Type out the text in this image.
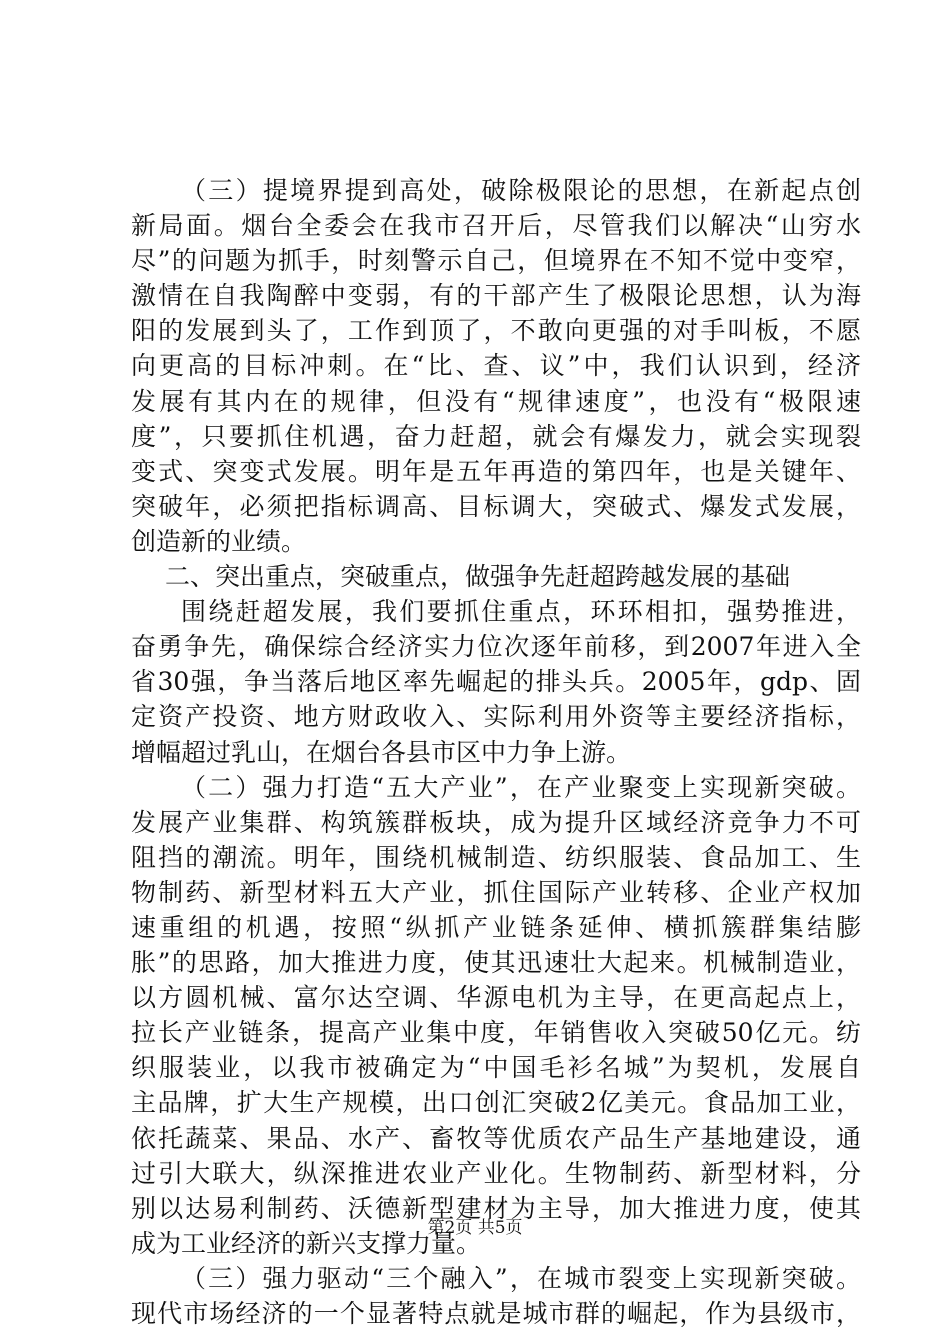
（三）提境界提到高处，破除极限论的思想，在新起点创
新局面。烟台全委会在我市召开后，尽管我们以解决“山穷水
尽”的问题为抓手，时刻警示自己，但境界在不知不觉中变窄，
激情在自我陶醉中变弱，有的干部产生了极限论思想，认为海
阳的发展到头了，工作到顶了，不敢向更强的对手叫板，不愿
向更高的目标冲刺。在“比、查、议”中，我们认识到，经济
发展有其内在的规律，但没有“规律速度”，也没有“极限速
度”，只要抓住机遇，奋力赶超，就会有爆发力，就会实现裂
变式、突变式发展。明年是五年再造的第四年，也是关键年、
突破年，必须把指标调高、目标调大，突破式、爆发式发展，
创造新的业绩。
二、突出重点，突破重点，做强争先赶超跨越发展的基础
围绕赶超发展，我们要抓住重点，环环相扣，强势推进，
奋勇争先，确保综合经济实力位次逐年前移，到2007年进入全
省30强，争当落后地区率先崛起的排头兵。2005年，gdp、固
定资产投资、地方财政收入、实际利用外资等主要经济指标，
增幅超过乳山，在烟台各县市区中力争上游。
（二）强力打造“五大产业”，在产业聚变上实现新突破。
发展产业集群、构筑簇群板块，成为提升区域经济竞争力不可
阻挡的潮流。明年，围绕机械制造、纺织服装、食品加工、生
物制药、新型材料五大产业，抓住国际产业转移、企业产权加
速重组的机遇，按照“纵抓产业链条延伸、横抓簇群集结膨
胀”的思路，加大推进力度，使其迅速壮大起来。机械制造业，
以方圆机械、富尔达空调、华源电机为主导，在更高起点上，
拉长产业链条，提高产业集中度，年销售收入突破50亿元。纺
织服装业，以我市被确定为“中国毛衫名城”为契机，发展自
主品牌，扩大生产规模，出口创汇突破2亿美元。食品加工业，
依托蔬菜、果品、水产、畜牧等优质农产品生产基地建设，通
过引大联大，纵深推进农业产业化。生物制药、新型材料，分
别以达易利制药、沃德新型建材为主导，加大推进力度，使其
成为工业经济的新兴支撑力量。
（三）强力驱动“三个融入”，在城市裂变上实现新突破。
现代市场经济的一个显著特点就是城市群的崛起，作为县级市，
第2页 共5页
